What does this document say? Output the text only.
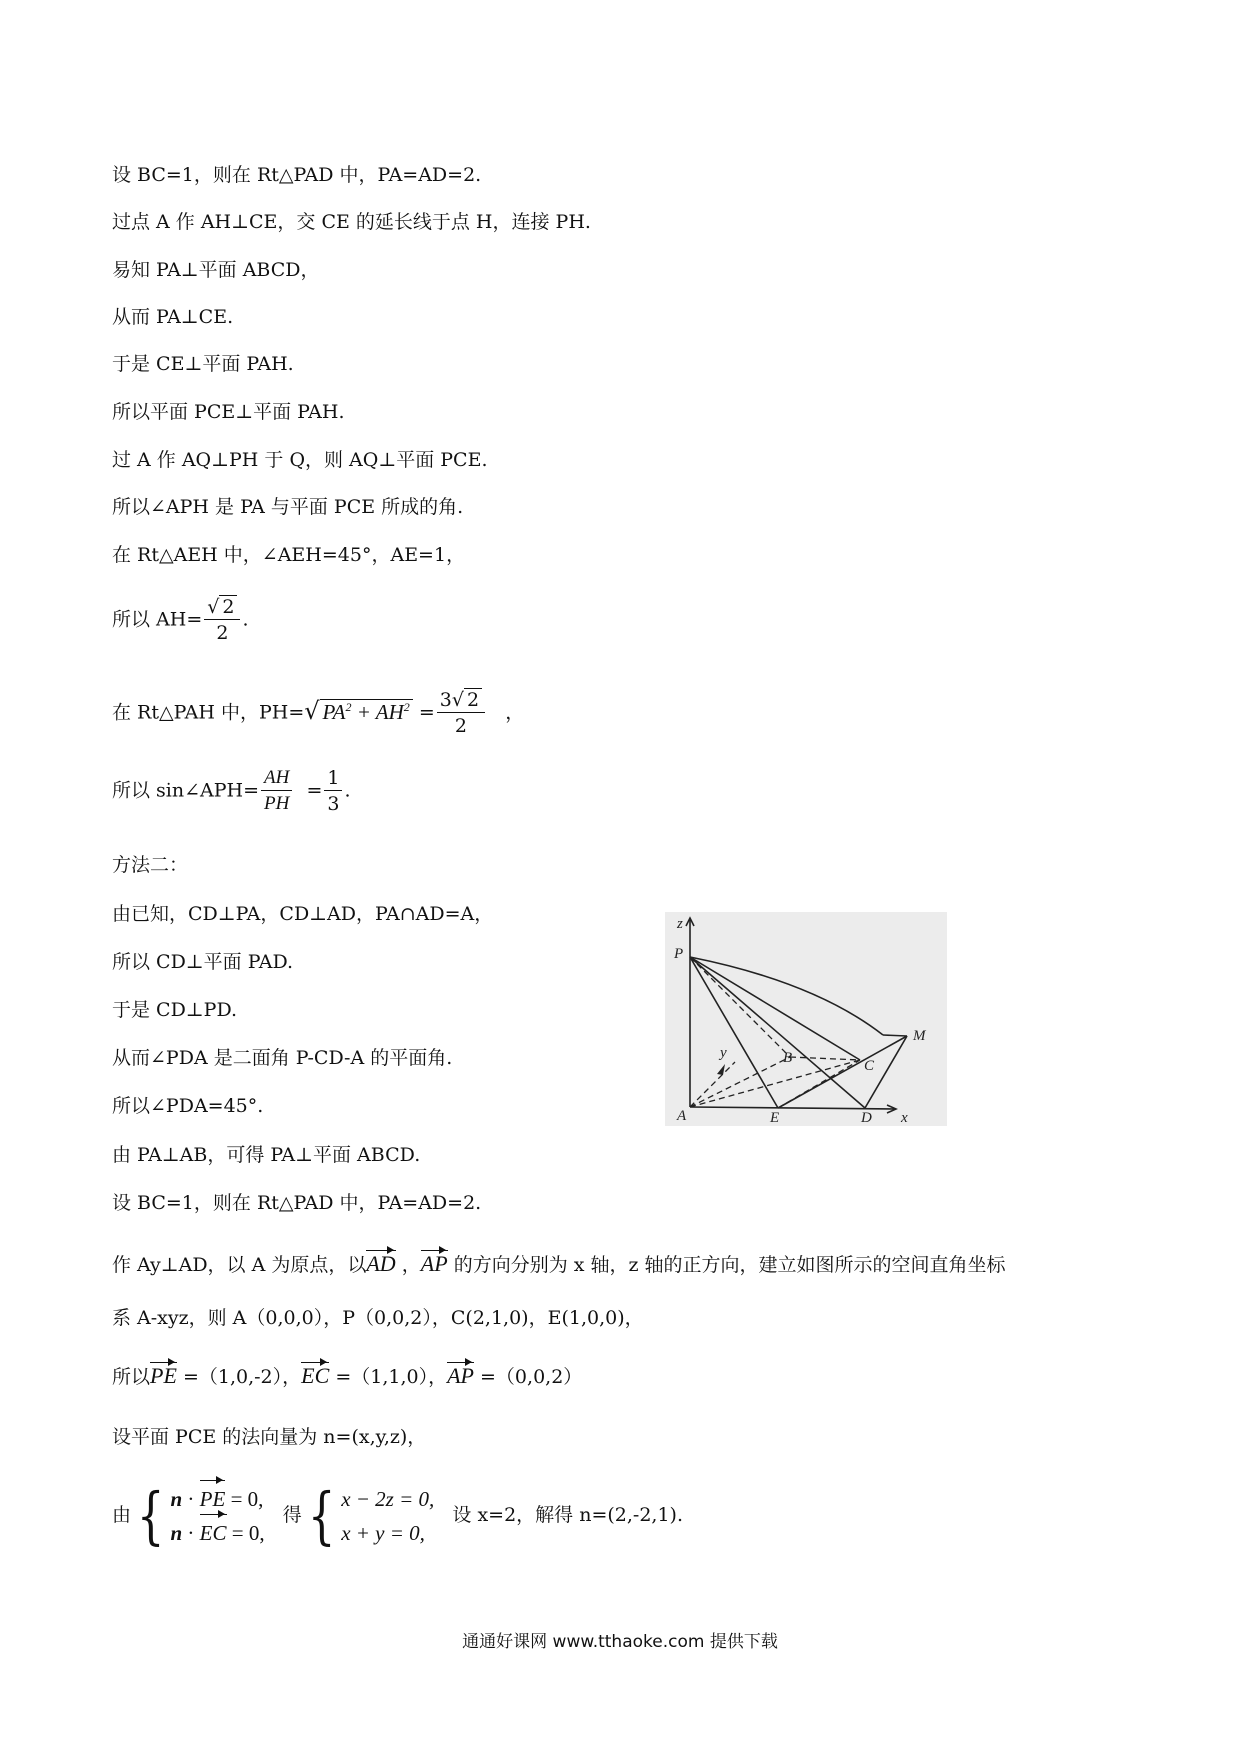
设 BC=1，则在 Rt△PAD 中，PA=AD=2.
过点 A 作 AH⊥CE，交 CE 的延长线于点 H，连接 PH.
易知 PA⊥平面 ABCD，
从而 PA⊥CE.
于是 CE⊥平面 PAH.
所以平面 PCE⊥平面 PAH.
过 A 作 AQ⊥PH 于 Q，则 AQ⊥平面 PCE.
所以∠APH 是 PA 与平面 PCE 所成的角.
在 Rt△AEH 中，∠AEH=45°，AE=1，
所以 $AH= \frac{√ 2}{2}$ .
在 Rt△PAH 中，PH=√ $PA^2 + AH^2 = \frac{3√ 2}{2}$ ，
所以 sin∠APH= $\frac{AH}{PH} = \frac{1}{3}$ .
方法二：
由已知，CD⊥PA，CD⊥AD，PA∩AD=A，
所以 CD⊥平面 PAD.
于是 CD⊥PD.
从而∠PDA 是二面角 P-CD-A 的平面角.
所以∠PDA=45°.
由 PA⊥AB，可得 PA⊥平面 ABCD.
设 BC=1，则在 Rt△PAD 中，PA=AD=2.
作 Ay⊥AD，以 A 为原点，以AD ，AP 的方向分别为 x 轴，z 轴的正方向，建立如图所示的空间直角坐标
系 A-xyz，则 A（0,0,0），P（0,0,2），C(2,1,0)，E(1,0,0)，
所以PE =（1,0,-2），EC =（1,1,0），AP =（0,0,2）
设平面 PCE 的法向量为 n=(x,y,z)，
由{ n · PE = 0,
n · EC = 0,   得{ x − 2z = 0,
x + y = 0,   设 x=2，解得 n=(2,-2,1).
z
P
y	B
M
C
A	E	D x
通通好课网 www.tthaoke.com 提供下载
